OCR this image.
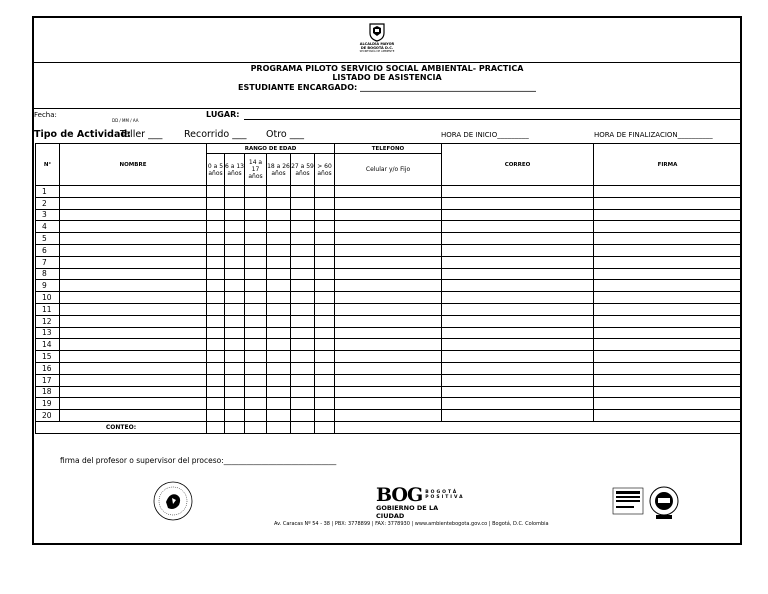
ALCALDÍA MAYOR
DE BOGOTÁ D.C.
SECRETARÍA DE AMBIENTE
PROGRAMA PILOTO SERVICIO SOCIAL AMBIENTAL- PRACTICA
LISTADO DE ASISTENCIA
ESTUDIANTE ENCARGADO: ____________________________________________
Fecha:
DD / MM / AA
LUGAR:
Tipo de Actividad:
Taller ___ Recorrido ___ Otro ___	HORA DE INICIO_________	HORA DE FINALIZACION__________
N°	NOMBRE	RANGO DE EDAD						TELEFONO	CORREO	FIRMA
		0 a 5 años	6 a 13 años	14 a 17 años	18 a 26 años	27 a 59 años	> 60 años	Celular y/o Fijo		
1										
2										
3										
4										
5										
6										
7										
8										
9										
10										
11										
12										
13										
14										
15										
16										
17										
18										
19										
20										
CONTEO:										
firma del profesor o supervisor del proceso:______________________________
BOG BOGOTÁ POSITIVA
GOBIERNO DE LA CIUDAD
Av. Caracas Nº 54 - 38 | PBX: 3778899 | FAX: 3778930 | www.ambientebogota.gov.co | Bogotá, D.C. Colombia
